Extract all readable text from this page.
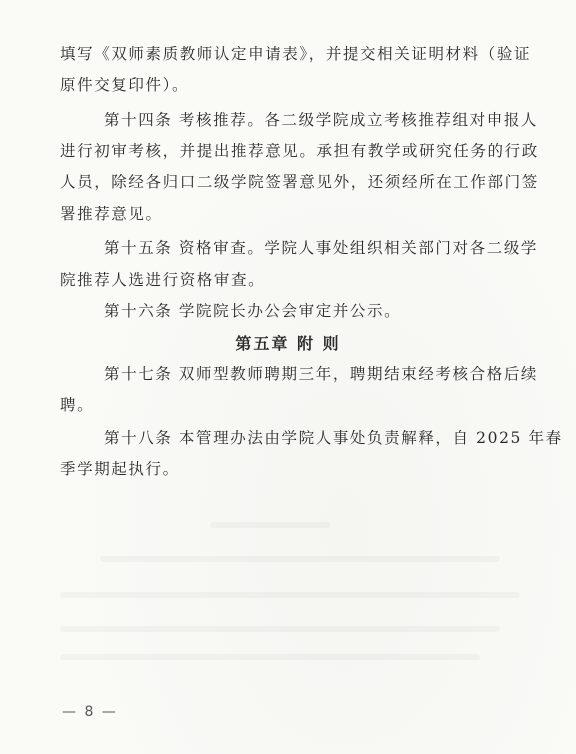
填写《双师素质教师认定申请表》，并提交相关证明材料（验证
原件交复印件）。
第十四条 考核推荐。各二级学院成立考核推荐组对申报人
进行初审考核，并提出推荐意见。承担有教学或研究任务的行政
人员，除经各归口二级学院签署意见外，还须经所在工作部门签
署推荐意见。
第十五条 资格审查。学院人事处组织相关部门对各二级学
院推荐人选进行资格审查。
第十六条 学院院长办公会审定并公示。
第五章 附 则
第十七条 双师型教师聘期三年，聘期结束经考核合格后续
聘。
第十八条 本管理办法由学院人事处负责解释，自 2025 年春
季学期起执行。
— 8 —
